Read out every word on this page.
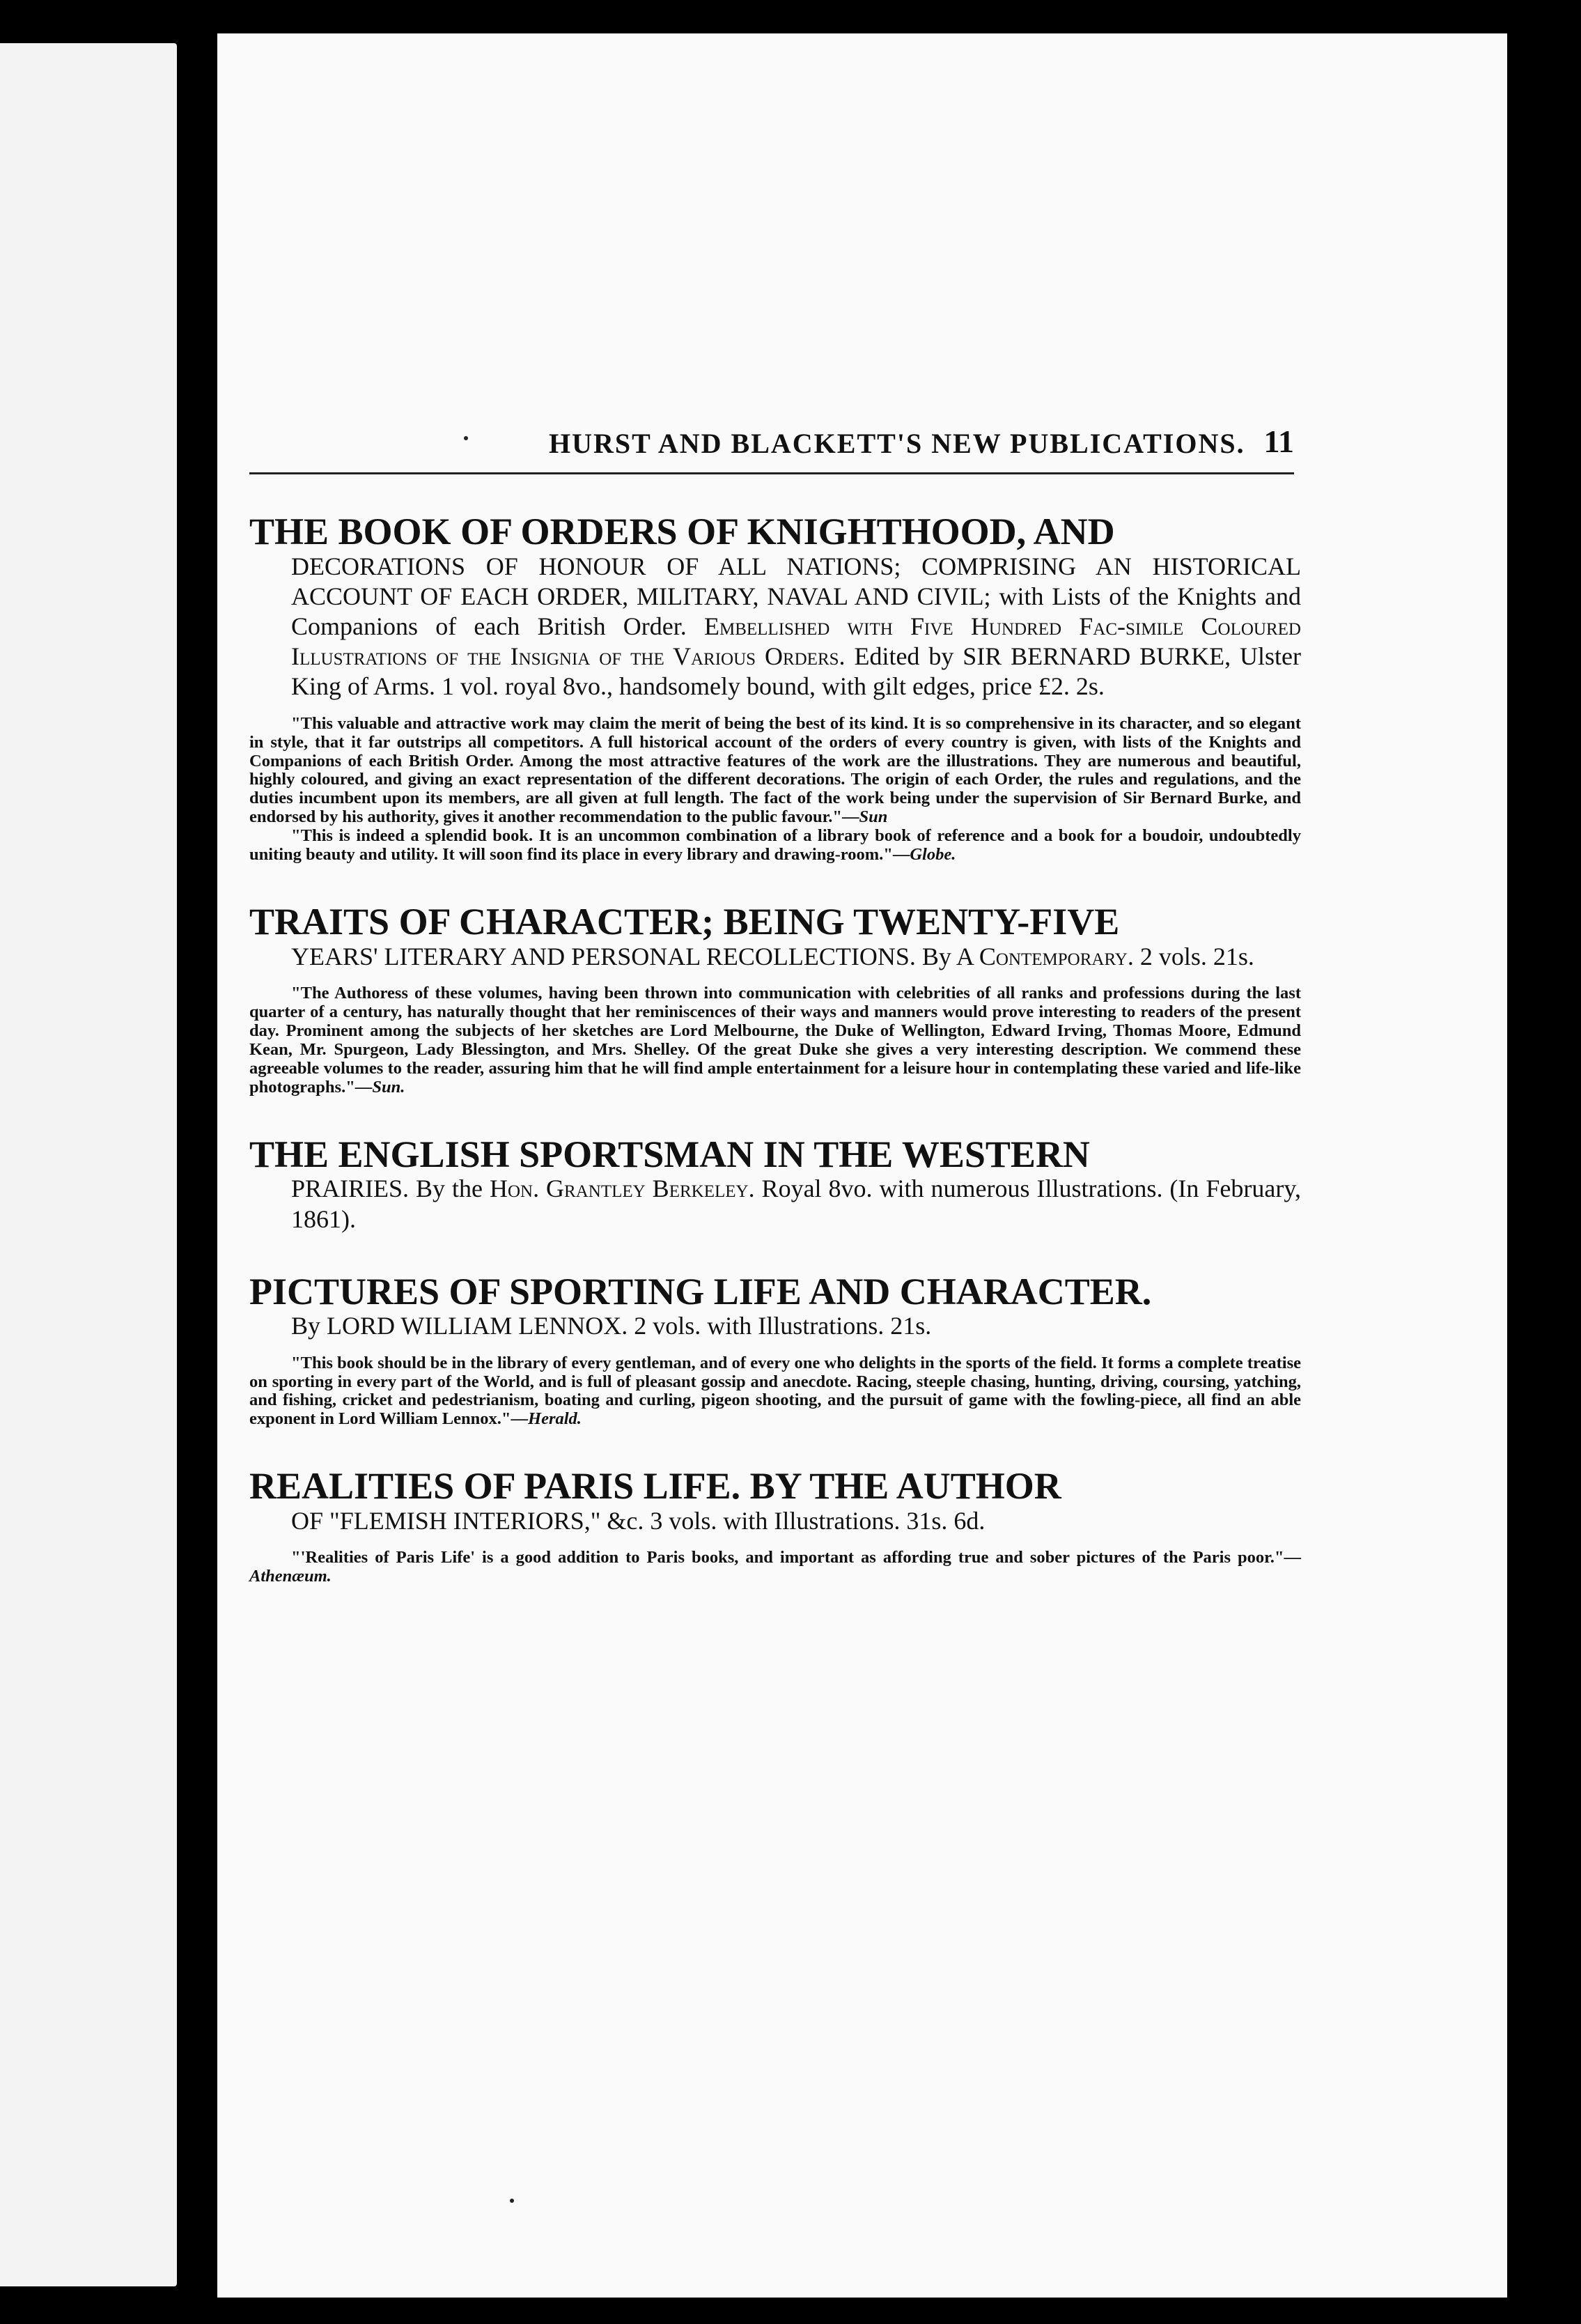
HURST AND BLACKETT'S NEW PUBLICATIONS. 11
THE BOOK OF ORDERS OF KNIGHTHOOD, AND
DECORATIONS OF HONOUR OF ALL NATIONS; COMPRISING AN HISTORICAL ACCOUNT OF EACH ORDER, MILITARY, NAVAL AND CIVIL; with Lists of the Knights and Companions of each British Order. Embellished with Five Hundred Fac-simile Coloured Illustrations of the Insignia of the Various Orders. Edited by SIR BERNARD BURKE, Ulster King of Arms. 1 vol. royal 8vo., handsomely bound, with gilt edges, price £2. 2s.

"This valuable and attractive work may claim the merit of being the best of its kind. It is so comprehensive in its character, and so elegant in style, that it far outstrips all competitors. A full historical account of the orders of every country is given, with lists of the Knights and Companions of each British Order. Among the most attractive features of the work are the illustrations. They are numerous and beautiful, highly coloured, and giving an exact representation of the different decorations. The origin of each Order, the rules and regulations, and the duties incumbent upon its members, are all given at full length. The fact of the work being under the supervision of Sir Bernard Burke, and endorsed by his authority, gives it another recommendation to the public favour."—Sun

"This is indeed a splendid book. It is an uncommon combination of a library book of reference and a book for a boudoir, undoubtedly uniting beauty and utility. It will soon find its place in every library and drawing-room."—Globe.

TRAITS OF CHARACTER; BEING TWENTY-FIVE
YEARS' LITERARY AND PERSONAL RECOLLECTIONS. By A Contemporary. 2 vols. 21s.

"The Authoress of these volumes, having been thrown into communication with celebrities of all ranks and professions during the last quarter of a century, has naturally thought that her reminiscences of their ways and manners would prove interesting to readers of the present day. Prominent among the subjects of her sketches are Lord Melbourne, the Duke of Wellington, Edward Irving, Thomas Moore, Edmund Kean, Mr. Spurgeon, Lady Blessington, and Mrs. Shelley. Of the great Duke she gives a very interesting description. We commend these agreeable volumes to the reader, assuring him that he will find ample entertainment for a leisure hour in contemplating these varied and life-like photographs."—Sun.

THE ENGLISH SPORTSMAN IN THE WESTERN
PRAIRIES. By the Hon. Grantley Berkeley. Royal 8vo. with numerous Illustrations. (In February, 1861).
PICTURES OF SPORTING LIFE AND CHARACTER.
By LORD WILLIAM LENNOX. 2 vols. with Illustrations. 21s.

"This book should be in the library of every gentleman, and of every one who delights in the sports of the field. It forms a complete treatise on sporting in every part of the World, and is full of pleasant gossip and anecdote. Racing, steeple chasing, hunting, driving, coursing, yatching, and fishing, cricket and pedestrianism, boating and curling, pigeon shooting, and the pursuit of game with the fowling-piece, all find an able exponent in Lord William Lennox."—Herald.

REALITIES OF PARIS LIFE. BY THE AUTHOR
OF "FLEMISH INTERIORS," &c. 3 vols. with Illustrations. 31s. 6d.

"'Realities of Paris Life' is a good addition to Paris books, and important as affording true and sober pictures of the Paris poor."—Athenæum.
